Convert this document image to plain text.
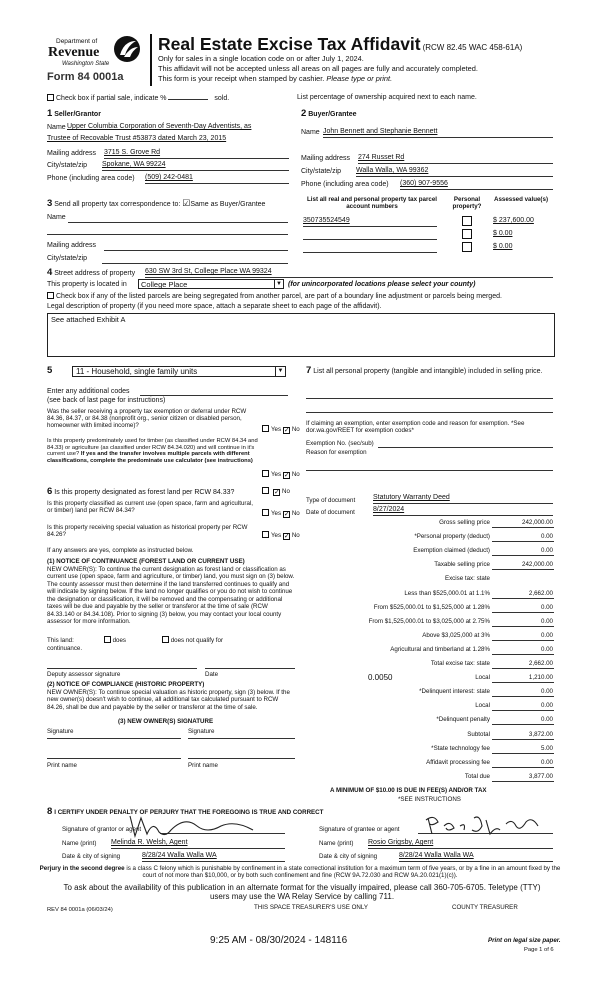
Department of
Revenue
Washington State
Form 84 0001a
Real Estate Excise Tax Affidavit (RCW 82.45 WAC 458-61A)
Only for sales in a single location code on or after July 1, 2024.
This affidavit will not be accepted unless all areas on all pages are fully and accurately completed.
This form is your receipt when stamped by cashier. Please type or print.
Check box if partial sale, indicate %	sold.	List percentage of ownership acquired next to each name.
1 Seller/Grantor
Name Upper Columbia Corporation of Seventh-Day Adventists, as
Trustee of Recovable Trust #53873 dated March 23, 2015
Mailing address 3715 S. Grove Rd
City/state/zip Spokane, WA 99224
Phone (including area code) (509) 242-0481
2 Buyer/Grantee
Name John Bennett and Stephanie Bennett
Mailing address 274 Russet Rd
City/state/zip Walla Walla, WA 99362
Phone (including area code) (360) 907-9556
3 Send all property tax correspondence to: ☑Same as Buyer/Grantee
Name
Mailing address
City/state/zip
List all real and personal property tax parcel account numbers
Personal property?
Assessed value(s)
350735524549	$ 237,600.00
$ 0.00
$ 0.00
4 Street address of property 630 SW 3rd St, College Place WA 99324
This property is located in	College Place	▼ (for unincorporated locations please select your county)
Check box if any of the listed parcels are being segregated from another parcel, are part of a boundary line adjustment or parcels being merged.
Legal description of property (if you need more space, attach a separate sheet to each page of the affidavit).
See attached Exhibit A
5	11 - Household, single family units	▼
Enter any additional codes
(see back of last page for instructions)
Was the seller receiving a property tax exemption or deferral under RCW 84.36, 84.37, or 84.38 (nonprofit org., senior citizen or disabled person, homeowner with limited income)?
Yes ✓ No
Is this property predominately used for timber (as classified under RCW 84.34 and 84.33) or agriculture (as classified under RCW 84.34.020) and will continue in it's current use? If yes and the transfer involves multiple parcels with different classifications, complete the predominate use calculator (see instructions)
Yes ✓ No
6 Is this property designated as forest land per RCW 84.33?	✓ No
Is this property classified as current use (open space, farm and agricultural, or timber) land per RCW 84.34?	Yes ✓ No
Is this property receiving special valuation as historical property per RCW 84.26?	Yes ✓ No
If any answers are yes, complete as instructed below.
(1) NOTICE OF CONTINUANCE (FOREST LAND OR CURRENT USE)
NEW OWNER(S): To continue the current designation as forest land or classification as current use (open space, farm and agriculture, or timber) land, you must sign on (3) below. The county assessor must then determine if the land transferred continues to qualify and will indicate by signing below. If the land no longer qualifies or you do not wish to continue the designation or classification, it will be removed and the compensating or additional taxes will be due and payable by the seller or transferor at the time of sale (RCW 84.33.140 or 84.34.108). Prior to signing (3) below, you may contact your local county assessor for more information.
This land:	does	does not qualify for
continuance.
Deputy assessor signature	Date
(2) NOTICE OF COMPLIANCE (HISTORIC PROPERTY)
NEW OWNER(S): To continue special valuation as historic property, sign (3) below. If the new owner(s) doesn't wish to continue, all additional tax calculated pursuant to RCW 84.26, shall be due and payable by the seller or transferor at the time of sale.
(3) NEW OWNER(S) SIGNATURE
Signature	Signature
Print name	Print name
7 List all personal property (tangible and intangible) included in selling price.
If claiming an exemption, enter exemption code and reason for exemption. *See dor.wa.gov/REET for exemption codes*
Exemption No. (sec/sub)
Reason for exemption
Type of document	Statutory Warranty Deed
Date of document	8/27/2024
Gross selling price	242,000.00
*Personal property (deduct)	0.00
Exemption claimed (deduct)	0.00
Taxable selling price	242,000.00
Excise tax: state
Less than $525,000.01 at 1.1%	2,662.00
From $525,000.01 to $1,525,000 at 1.28%	0.00
From $1,525,000.01 to $3,025,000 at 2.75%	0.00
Above $3,025,000 at 3%	0.00
Agricultural and timberland at 1.28%	0.00
Total excise tax: state	2,662.00
Local	1,210.00
0.0050
*Delinquent interest: state	0.00
Local	0.00
*Delinquent penalty	0.00
Subtotal	3,872.00
*State technology fee	5.00
Affidavit processing fee	0.00
Total due	3,877.00
A MINIMUM OF $10.00 IS DUE IN FEE(S) AND/OR TAX
*SEE INSTRUCTIONS
8 I CERTIFY UNDER PENALTY OF PERJURY THAT THE FOREGOING IS TRUE AND CORRECT
Signature of grantor or agent
Name (print) Melinda R. Welsh, Agent
Date & city of signing	8/28/24 Walla Walla WA
Signature of grantee or agent
Name (print) Rosio Grigsby, Agent
Date & city of signing	8/28/24 Walla Walla WA
Perjury in the second degree is a class C felony which is punishable by confinement in a state correctional institution for a maximum term of five years, or by a fine in an amount fixed by the court of not more than $10,000, or by both such confinement and fine (RCW 9A.72.030 and RCW 9A.20.021(1)(c)).
To ask about the availability of this publication in an alternate format for the visually impaired, please call 360-705-6705. Teletype (TTY) users may use the WA Relay Service by calling 711.
REV 84 0001a (06/03/24)	THIS SPACE TREASURER'S USE ONLY	COUNTY TREASURER
9:25 AM - 08/30/2024 - 148116	Print on legal size paper.
Page 1 of 6
